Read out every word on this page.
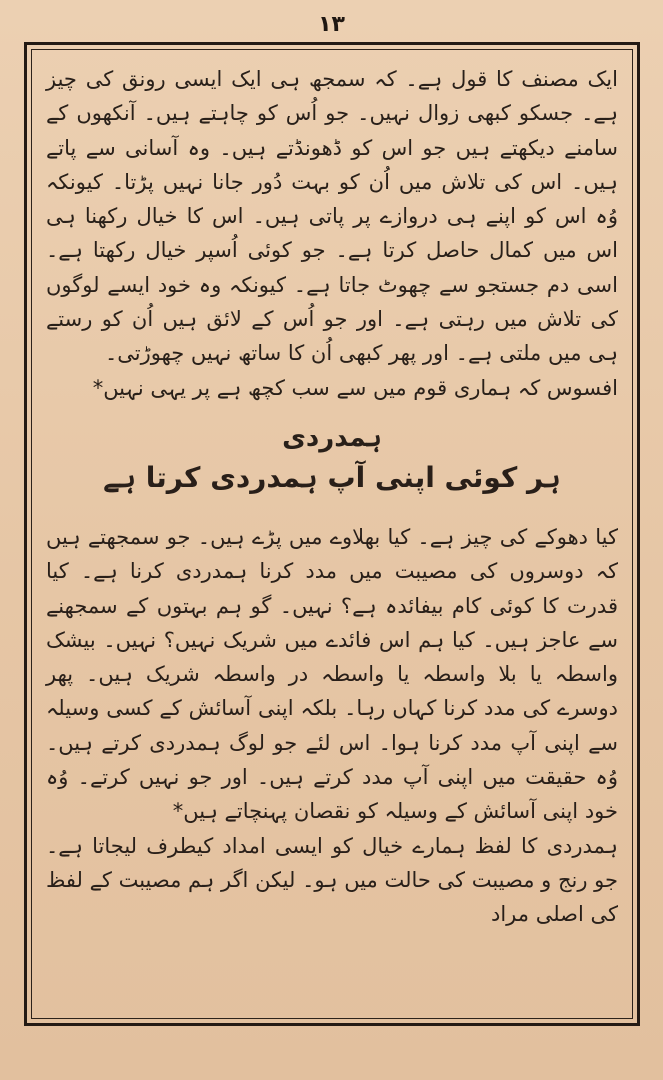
۱۳

ایک مصنف کا قول ہے۔ کہ سمجھ ہی ایک ایسی رونق کی چیز ہے۔ جسکو کبھی زوال نہیں۔ جو اُس کو چاہتے ہیں۔ آنکھوں کے سامنے دیکھتے ہیں جو اس کو ڈھونڈتے ہیں۔ وہ آسانی سے پاتے ہیں۔ اس کی تلاش میں اُن کو بہت دُور جانا نہیں پڑتا۔ کیونکہ وُہ اس کو اپنے ہی دروازے پر پاتی ہیں۔ اس کا خیال رکھنا ہی اس میں کمال حاصل کرتا ہے۔ جو کوئی اُسپر خیال رکھتا ہے۔ اسی دم جستجو سے چھوٹ جاتا ہے۔ کیونکہ وہ خود ایسے لوگوں کی تلاش میں رہتی ہے۔ اور جو اُس کے لائق ہیں اُن کو رستے ہی میں ملتی ہے۔ اور پھر کبھی اُن کا ساتھ نہیں چھوڑتی۔

افسوس کہ ہماری قوم میں سے سب کچھ ہے پر یہی نہیں*

ہمدردی
ہر کوئی اپنی آپ ہمدردی کرتا ہے

کیا دھوکے کی چیز ہے۔ کیا بھلاوے میں پڑے ہیں۔ جو سمجھتے ہیں کہ دوسروں کی مصیبت میں مدد کرنا ہمدردی کرنا ہے۔ کیا قدرت کا کوئی کام بیفائدہ ہے؟ نہیں۔ گو ہم بہتوں کے سمجھنے سے عاجز ہیں۔ کیا ہم اس فائدے میں شریک نہیں؟ نہیں۔ بیشک واسطہ یا بلا واسطہ یا واسطہ در واسطہ شریک ہیں۔ پھر دوسرے کی مدد کرنا کہاں رہا۔ بلکہ اپنی آسائش کے کسی وسیلہ سے اپنی آپ مدد کرنا ہوا۔ اس لئے جو لوگ ہمدردی کرتے ہیں۔ وُہ حقیقت میں اپنی آپ مدد کرتے ہیں۔ اور جو نہیں کرتے۔ وُہ خود اپنی آسائش کے وسیلہ کو نقصان پہنچاتے ہیں*

ہمدردی کا لفظ ہمارے خیال کو ایسی امداد کیطرف لیجاتا ہے۔ جو رنج و مصیبت کی حالت میں ہو۔ لیکن اگر ہم مصیبت کے لفظ کی اصلی مراد
